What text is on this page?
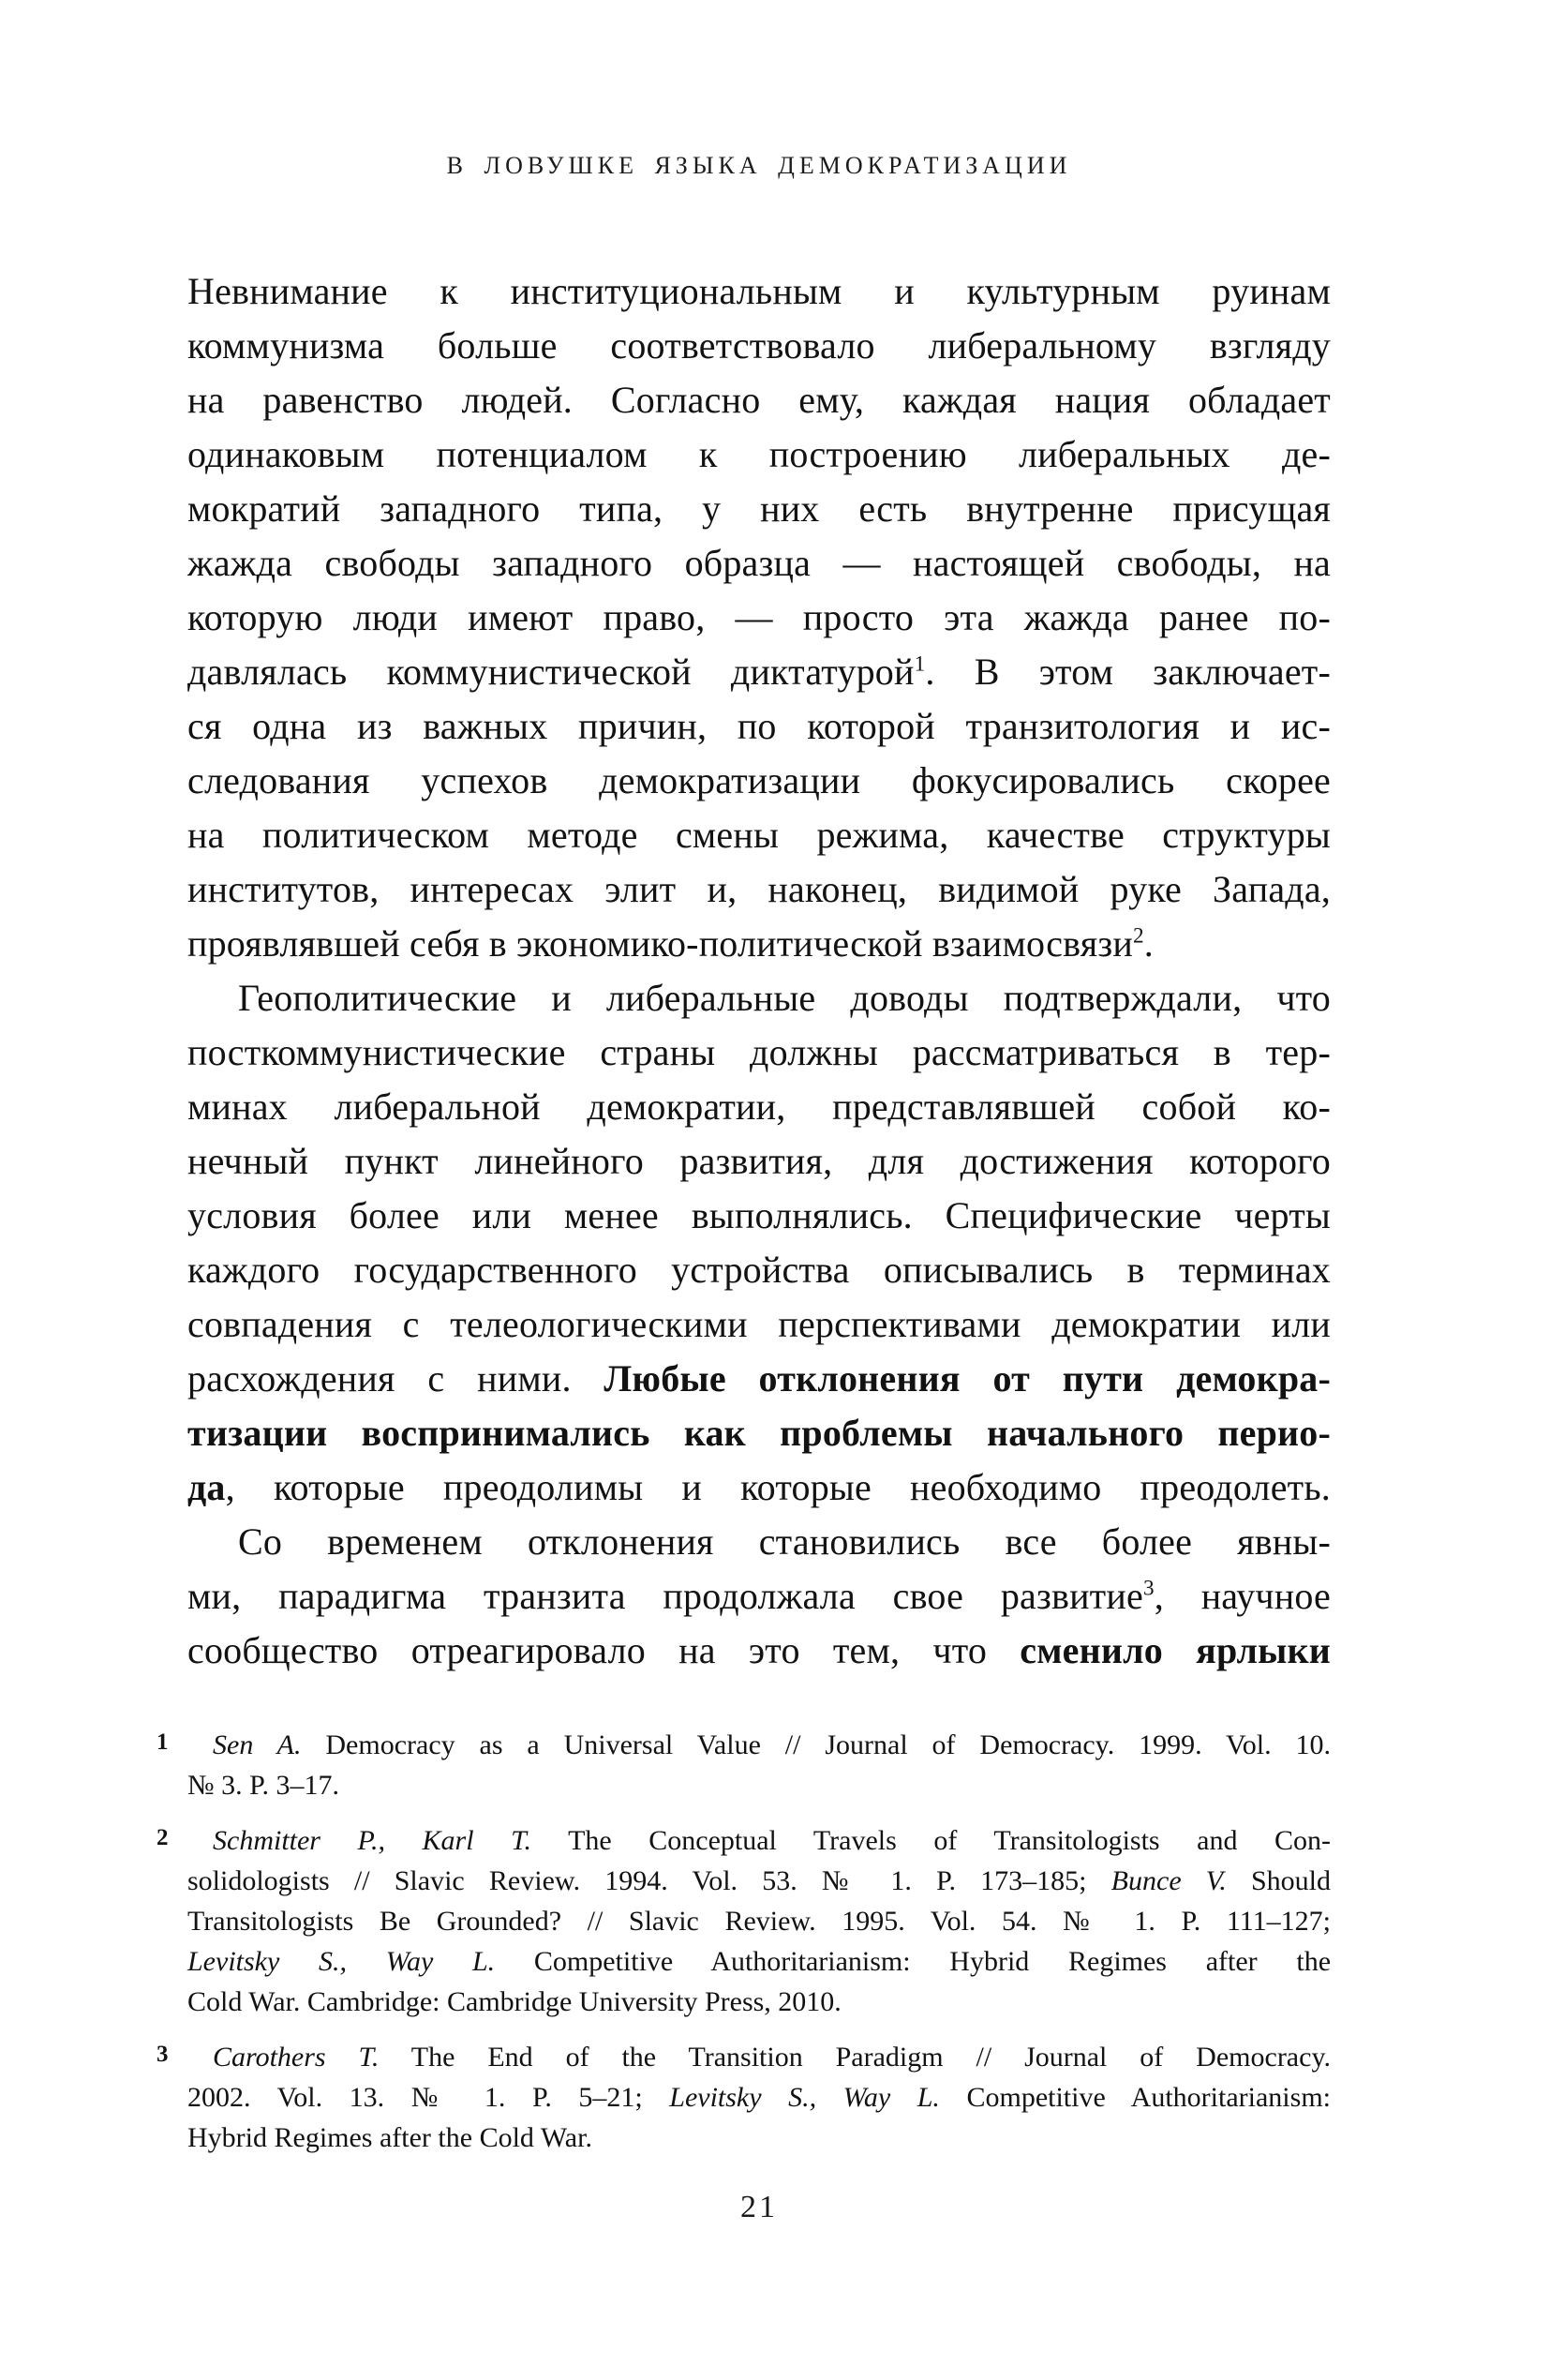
В ЛОВУШКЕ ЯЗЫКА ДЕМОКРАТИЗАЦИИ
Невнимание к институциональным и культурным руинам
коммунизма больше соответствовало либеральному взгляду
на равенство людей. Согласно ему, каждая нация обладает
одинаковым потенциалом к построению либеральных де-
мократий западного типа, у них есть внутренне присущая
жажда свободы западного образца — настоящей свободы, на
которую люди имеют право, — просто эта жажда ранее по-
давлялась коммунистической диктатурой$^1$. В этом заключает-
ся одна из важных причин, по которой транзитология и ис-
следования успехов демократизации фокусировались скорее
на политическом методе смены режима, качестве структуры
институтов, интересах элит и, наконец, видимой руке Запада,
проявлявшей себя в экономико-политической взаимосвязи$^2$.
Геополитические и либеральные доводы подтверждали, что
посткоммунистические страны должны рассматриваться в тер-
минах либеральной демократии, представлявшей собой ко-
нечный пункт линейного развития, для достижения которого
условия более или менее выполнялись. Специфические черты
каждого государственного устройства описывались в терминах
совпадения с телеологическими перспективами демократии или
расхождения с ними. Любые отклонения от пути демокра-
тизации воспринимались как проблемы начального перио-
да, которые преодолимы и которые необходимо преодолеть.
Со временем отклонения становились все более явны-
ми, парадигма транзита продолжала свое развитие$^3$, научное
сообщество отреагировало на это тем, что сменило ярлыки
1	Sen A. Democracy as a Universal Value // Journal of Democracy. 1999. Vol. 10.
№ 3. P. 3–17.
2	Schmitter P., Karl T. The Conceptual Travels of Transitologists and Con-
solidologists // Slavic Review. 1994. Vol. 53. № 1. P. 173–185; Bunce V. Should
Transitologists Be Grounded? // Slavic Review. 1995. Vol. 54. № 1. P. 111–127;
Levitsky S., Way L. Competitive Authoritarianism: Hybrid Regimes after the
Cold War. Cambridge: Cambridge University Press, 2010.
3	Carothers T. The End of the Transition Paradigm // Journal of Democracy.
2002. Vol. 13. № 1. P. 5–21; Levitsky S., Way L. Competitive Authoritarianism:
Hybrid Regimes after the Cold War.
21
